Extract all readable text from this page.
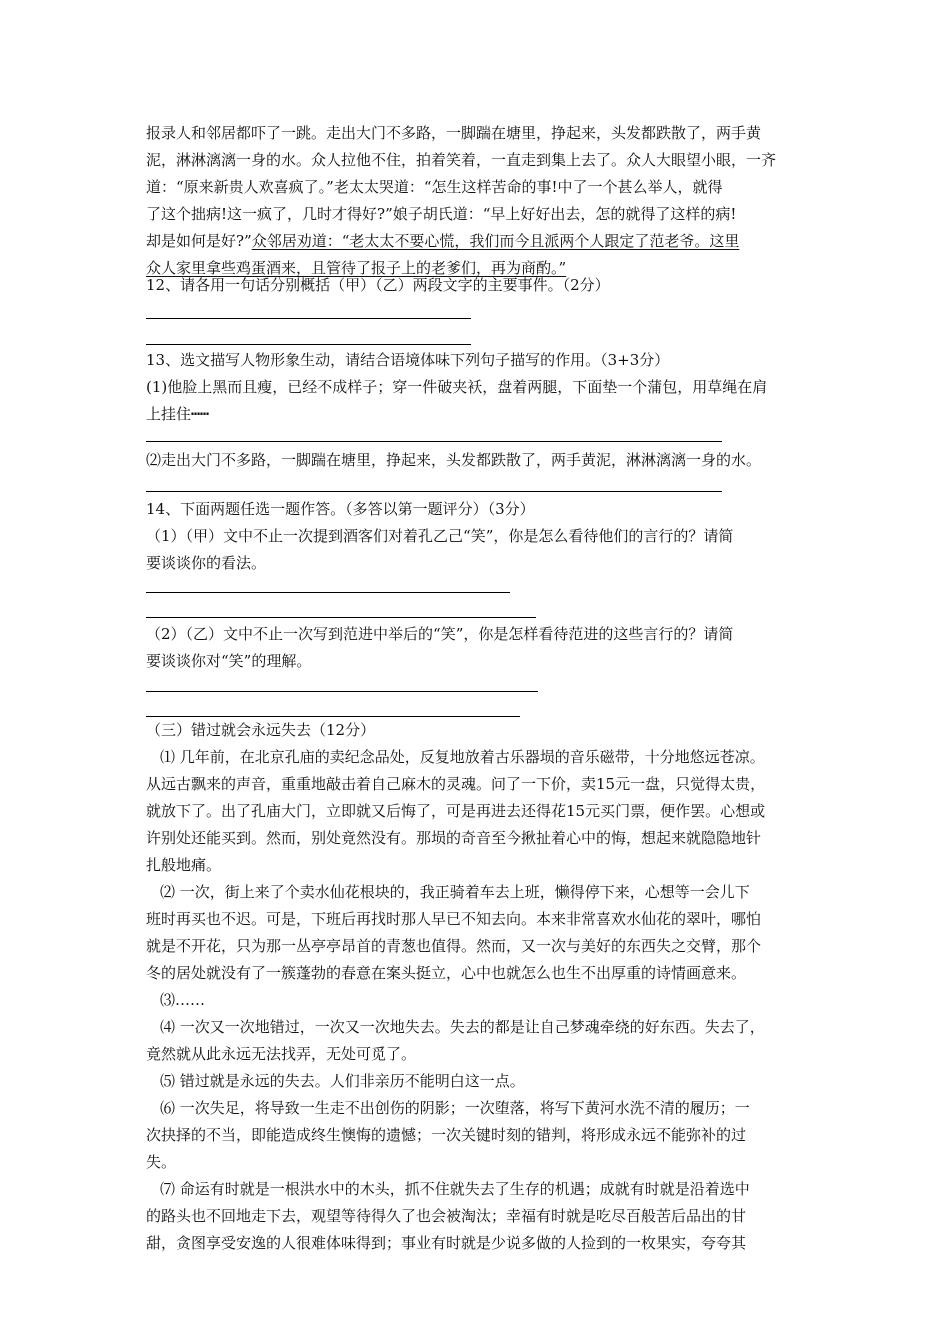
报录人和邻居都吓了一跳。走出大门不多路，一脚踹在塘里，挣起来，头发都跌散了，两手黄
泥，淋淋漓漓一身的水。众人拉他不住，拍着笑着，一直走到集上去了。众人大眼望小眼，一齐
道：“原来新贵人欢喜疯了。”老太太哭道：“怎生这样苦命的事!中了一个甚么举人，就得
了这个拙病!这一疯了，几时才得好?”娘子胡氏道：“早上好好出去，怎的就得了这样的病!
却是如何是好?”众邻居劝道：“老太太不要心慌，我们而今且派两个人跟定了范老爷。这里
众人家里拿些鸡蛋酒来，且管待了报子上的老爹们，再为商酌。”
12、请各用一句话分别概括（甲）（乙）两段文字的主要事件。（2分）
13、选文描写人物形象生动，请结合语境体味下列句子描写的作用。（3+3分）
(1)他脸上黑而且瘦，已经不成样子；穿一件破夹袄，盘着两腿，下面垫一个蒲包，用草绳在肩
上挂住┅┅
⑵走出大门不多路，一脚踹在塘里，挣起来，头发都跌散了，两手黄泥，淋淋漓漓一身的水。
14、下面两题任选一题作答。（多答以第一题评分）（3分）
（1）（甲）文中不止一次提到酒客们对着孔乙己“笑”，你是怎么看待他们的言行的？请简
要谈谈你的看法。
（2）（乙）文中不止一次写到范进中举后的“笑”，你是怎样看待范进的这些言行的？请简
要谈谈你对“笑”的理解。
（三）错过就会永远失去（12分）
⑴ 几年前，在北京孔庙的卖纪念品处，反复地放着古乐器埙的音乐磁带，十分地悠远苍凉。
从远古飘来的声音，重重地敲击着自己麻木的灵魂。问了一下价，卖15元一盘，只觉得太贵，
就放下了。出了孔庙大门，立即就又后悔了，可是再进去还得花15元买门票，便作罢。心想或
许别处还能买到。然而，别处竟然没有。那埙的奇音至今揪扯着心中的悔，想起来就隐隐地针
扎般地痛。
⑵ 一次，街上来了个卖水仙花根块的，我正骑着车去上班，懒得停下来，心想等一会儿下
班时再买也不迟。可是，下班后再找时那人早已不知去向。本来非常喜欢水仙花的翠叶，哪怕
就是不开花，只为那一丛亭亭昂首的青葱也值得。然而，又一次与美好的东西失之交臂，那个
冬的居处就没有了一簇蓬勃的春意在案头挺立，心中也就怎么也生不出厚重的诗情画意来。
⑶……
⑷ 一次又一次地错过，一次又一次地失去。失去的都是让自己梦魂牵绕的好东西。失去了，
竟然就从此永远无法找弄，无处可觅了。
⑸ 错过就是永远的失去。人们非亲历不能明白这一点。
⑹ 一次失足，将导致一生走不出创伤的阴影；一次堕落，将写下黄河水洗不清的履历；一
次抉择的不当，即能造成终生懊悔的遗憾；一次关键时刻的错判，将形成永远不能弥补的过
失。
⑺ 命运有时就是一根洪水中的木头，抓不住就失去了生存的机遇；成就有时就是沿着选中
的路头也不回地走下去，观望等待得久了也会被淘汰；幸福有时就是吃尽百般苦后品出的甘
甜，贪图享受安逸的人很难体味得到；事业有时就是少说多做的人捡到的一枚果实，夸夸其
